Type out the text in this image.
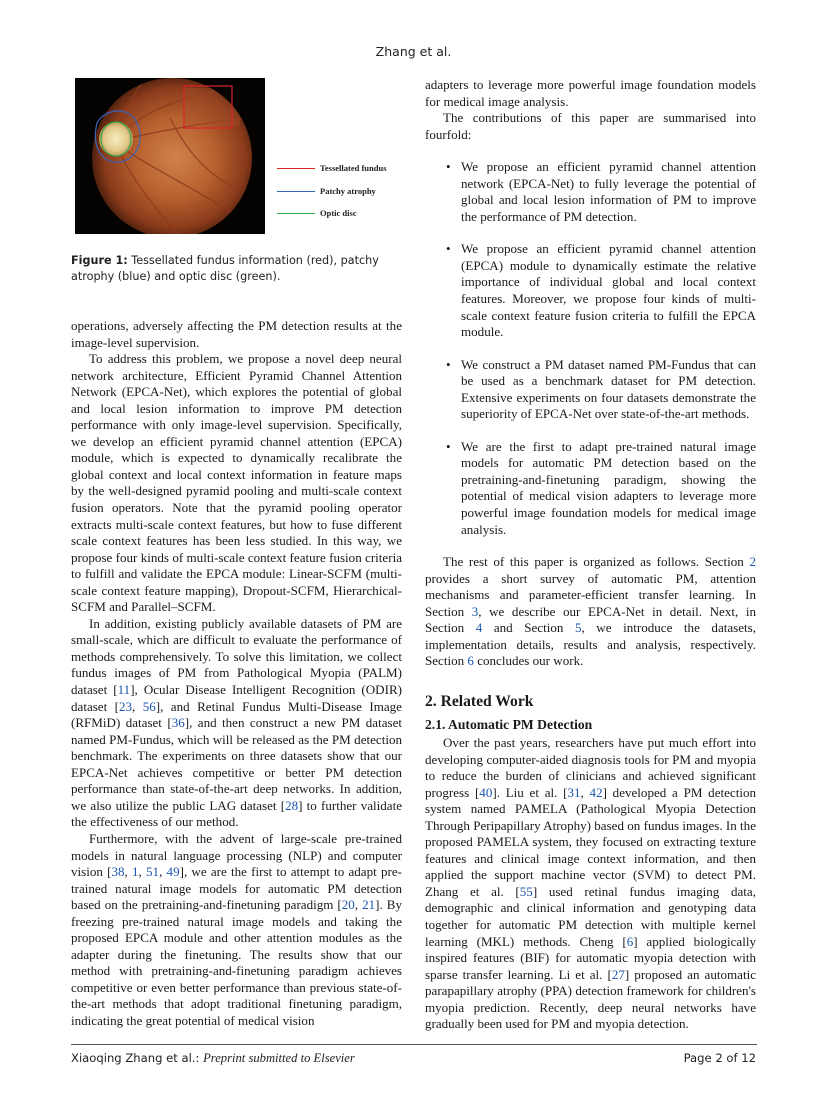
Zhang et al.
Tessellated fundus
Patchy atrophy
Optic disc
Figure 1: Tessellated fundus information (red), patchy atrophy (blue) and optic disc (green).

operations, adversely affecting the PM detection results at the image-level supervision.

To address this problem, we propose a novel deep neural network architecture, Efficient Pyramid Channel Attention Network (EPCA-Net), which explores the potential of global and local lesion information to improve PM detection performance with only image-level supervision. Specifically, we develop an efficient pyramid channel attention (EPCA) module, which is expected to dynamically recalibrate the global context and local context information in feature maps by the well-designed pyramid pooling and multi-scale context fusion operators. Note that the pyramid pooling operator extracts multi-scale context features, but how to fuse different scale context features has been less studied. In this way, we propose four kinds of multi-scale context feature fusion criteria to fulfill and validate the EPCA module: Linear-SCFM (multi-scale context feature mapping), Dropout-SCFM, Hierarchical-SCFM and Parallel–SCFM.

In addition, existing publicly available datasets of PM are small-scale, which are difficult to evaluate the performance of methods comprehensively. To solve this limitation, we collect fundus images of PM from Pathological Myopia (PALM) dataset [11], Ocular Disease Intelligent Recognition (ODIR) dataset [23, 56], and Retinal Fundus Multi-Disease Image (RFMiD) dataset [36], and then construct a new PM dataset named PM-Fundus, which will be released as the PM detection benchmark. The experiments on three datasets show that our EPCA-Net achieves competitive or better PM detection performance than state-of-the-art deep networks. In addition, we also utilize the public LAG dataset [28] to further validate the effectiveness of our method.

Furthermore, with the advent of large-scale pre-trained models in natural language processing (NLP) and computer vision [38, 1, 51, 49], we are the first to attempt to adapt pre-trained natural image models for automatic PM detection based on the pretraining-and-finetuning paradigm [20, 21]. By freezing pre-trained natural image models and taking the proposed EPCA module and other attention modules as the adapter during the finetuning. The results show that our method with pretraining-and-finetuning paradigm achieves competitive or even better performance than previous state-of-the-art methods that adopt traditional finetuning paradigm, indicating the great potential of medical vision

adapters to leverage more powerful image foundation models for medical image analysis.

The contributions of this paper are summarised into fourfold:

• We propose an efficient pyramid channel attention network (EPCA-Net) to fully leverage the potential of global and local lesion information of PM to improve the performance of PM detection.
• We propose an efficient pyramid channel attention (EPCA) module to dynamically estimate the relative importance of individual global and local context features. Moreover, we propose four kinds of multi-scale context feature fusion criteria to fulfill the EPCA module.
• We construct a PM dataset named PM-Fundus that can be used as a benchmark dataset for PM detection. Extensive experiments on four datasets demonstrate the superiority of EPCA-Net over state-of-the-art methods.
• We are the first to adapt pre-trained natural image models for automatic PM detection based on the pretraining-and-finetuning paradigm, showing the potential of medical vision adapters to leverage more powerful image foundation models for medical image analysis.

The rest of this paper is organized as follows. Section 2 provides a short survey of automatic PM, attention mechanisms and parameter-efficient transfer learning. In Section 3, we describe our EPCA-Net in detail. Next, in Section 4 and Section 5, we introduce the datasets, implementation details, results and analysis, respectively. Section 6 concludes our work.

2. Related Work
2.1. Automatic PM Detection

Over the past years, researchers have put much effort into developing computer-aided diagnosis tools for PM and myopia to reduce the burden of clinicians and achieved significant progress [40]. Liu et al. [31, 42] developed a PM detection system named PAMELA (Pathological Myopia Detection Through Peripapillary Atrophy) based on fundus images. In the proposed PAMELA system, they focused on extracting texture features and clinical image context information, and then applied the support machine vector (SVM) to detect PM. Zhang et al. [55] used retinal fundus imaging data, demographic and clinical information and genotyping data together for automatic PM detection with multiple kernel learning (MKL) methods. Cheng [6] applied biologically inspired features (BIF) for automatic myopia detection with sparse transfer learning. Li et al. [27] proposed an automatic parapapillary atrophy (PPA) detection framework for children's myopia prediction. Recently, deep neural networks have gradually been used for PM and myopia detection.

Xiaoqing Zhang et al.: Preprint submitted to Elsevier	Page 2 of 12
